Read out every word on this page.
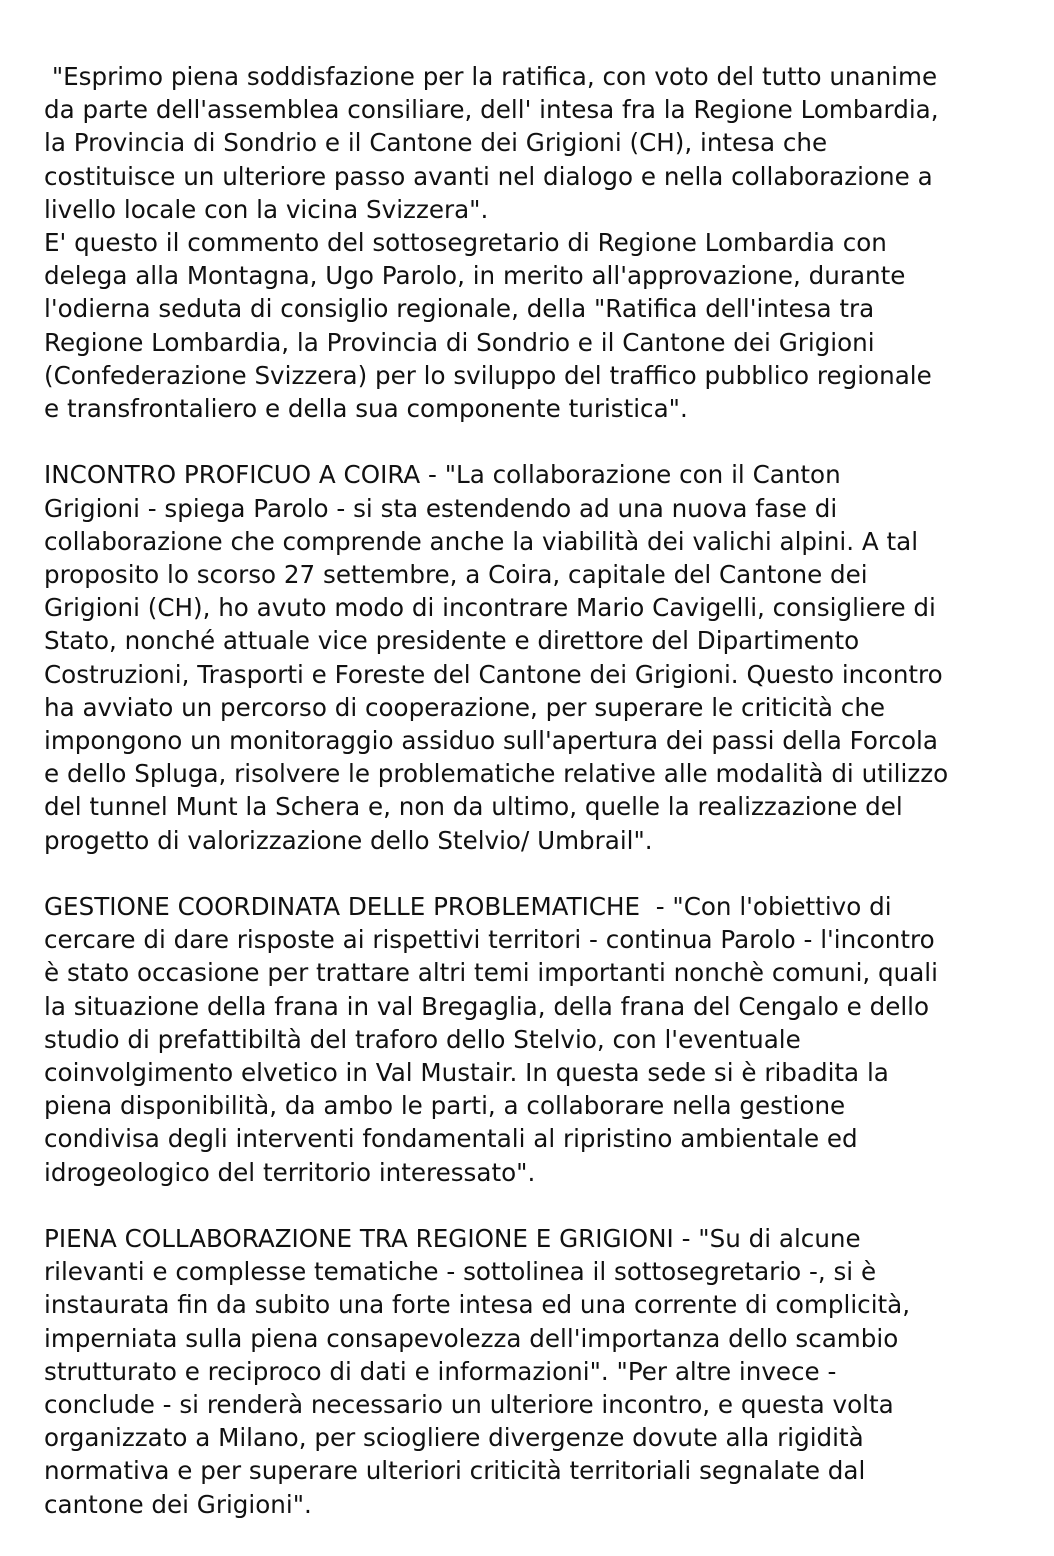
"Esprimo piena soddisfazione per la ratifica, con voto del tutto unanime
da parte dell'assemblea consiliare, dell' intesa fra la Regione Lombardia,
la Provincia di Sondrio e il Cantone dei Grigioni (CH), intesa che
costituisce un ulteriore passo avanti nel dialogo e nella collaborazione a
livello locale con la vicina Svizzera".
E' questo il commento del sottosegretario di Regione Lombardia con
delega alla Montagna, Ugo Parolo, in merito all'approvazione, durante
l'odierna seduta di consiglio regionale, della "Ratifica dell'intesa tra
Regione Lombardia, la Provincia di Sondrio e il Cantone dei Grigioni
(Confederazione Svizzera) per lo sviluppo del traffico pubblico regionale
e transfrontaliero e della sua componente turistica".

INCONTRO PROFICUO A COIRA - "La collaborazione con il Canton
Grigioni - spiega Parolo - si sta estendendo ad una nuova fase di
collaborazione che comprende anche la viabilità dei valichi alpini. A tal
proposito lo scorso 27 settembre, a Coira, capitale del Cantone dei
Grigioni (CH), ho avuto modo di incontrare Mario Cavigelli, consigliere di
Stato, nonché attuale vice presidente e direttore del Dipartimento
Costruzioni, Trasporti e Foreste del Cantone dei Grigioni. Questo incontro
ha avviato un percorso di cooperazione, per superare le criticità che
impongono un monitoraggio assiduo sull'apertura dei passi della Forcola
e dello Spluga, risolvere le problematiche relative alle modalità di utilizzo
del tunnel Munt la Schera e, non da ultimo, quelle la realizzazione del
progetto di valorizzazione dello Stelvio/ Umbrail".

GESTIONE COORDINATA DELLE PROBLEMATICHE  - "Con l'obiettivo di
cercare di dare risposte ai rispettivi territori - continua Parolo - l'incontro
è stato occasione per trattare altri temi importanti nonchè comuni, quali
la situazione della frana in val Bregaglia, della frana del Cengalo e dello
studio di prefattibiltà del traforo dello Stelvio, con l'eventuale
coinvolgimento elvetico in Val Mustair. In questa sede si è ribadita la
piena disponibilità, da ambo le parti, a collaborare nella gestione
condivisa degli interventi fondamentali al ripristino ambientale ed
idrogeologico del territorio interessato".

PIENA COLLABORAZIONE TRA REGIONE E GRIGIONI - "Su di alcune
rilevanti e complesse tematiche - sottolinea il sottosegretario -, si è
instaurata fin da subito una forte intesa ed una corrente di complicità,
imperniata sulla piena consapevolezza dell'importanza dello scambio
strutturato e reciproco di dati e informazioni". "Per altre invece -
conclude - si renderà necessario un ulteriore incontro, e questa volta
organizzato a Milano, per sciogliere divergenze dovute alla rigidità
normativa e per superare ulteriori criticità territoriali segnalate dal
cantone dei Grigioni".
